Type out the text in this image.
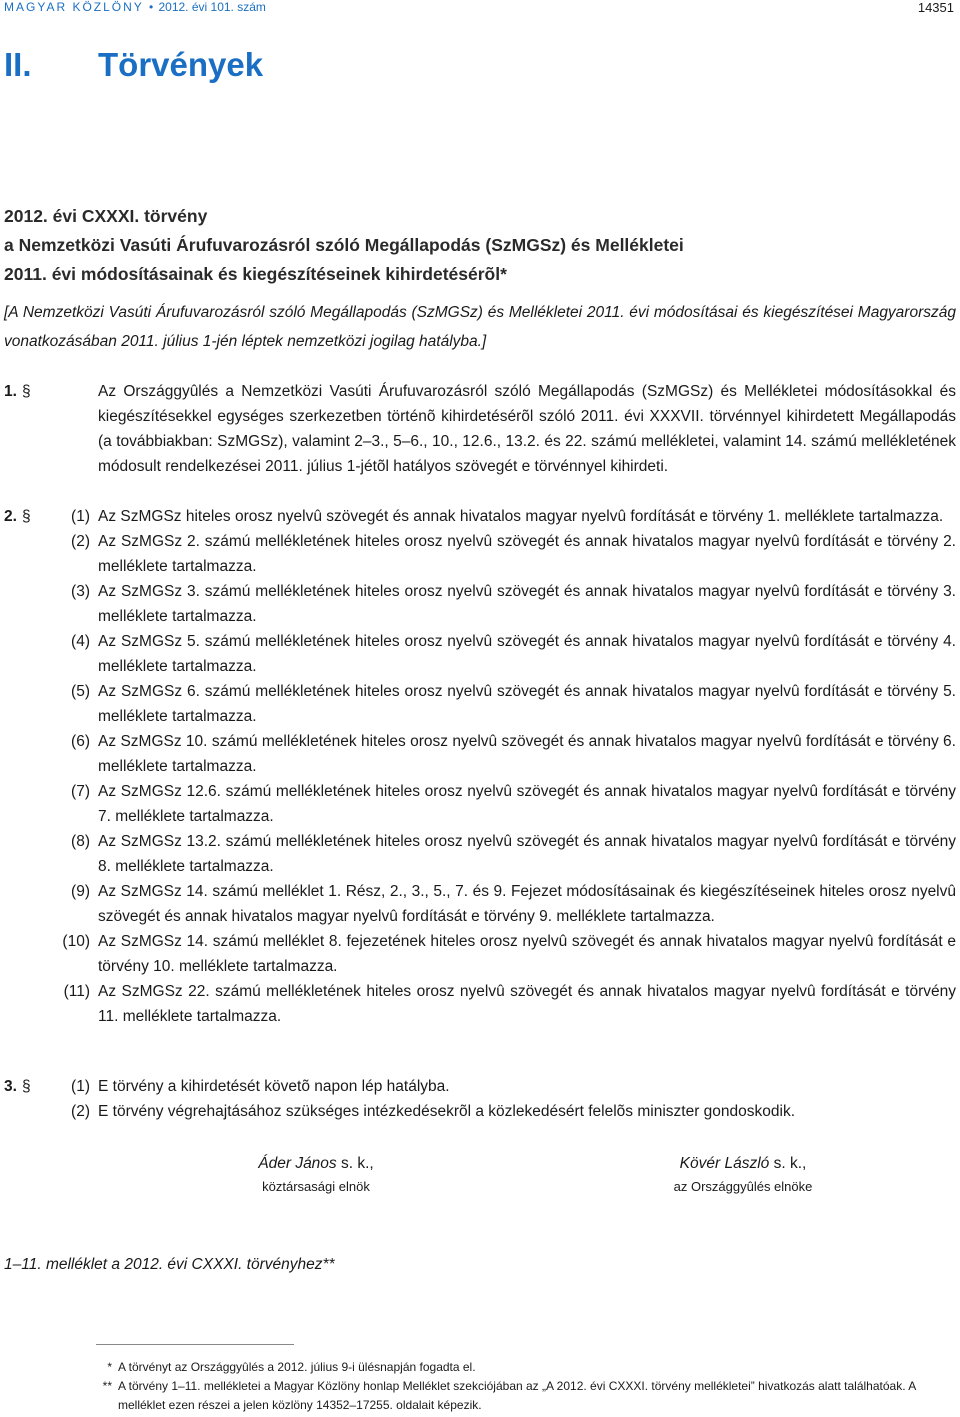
MAGYAR KÖZLÖNY • 2012. évi 101. szám	14351
II. Törvények
2012. évi CXXXI. törvény
a Nemzetközi Vasúti Árufuvarozásról szóló Megállapodás (SzMGSz) és Mellékletei
2011. évi módosításainak és kiegészítéseinek kihirdetésérõl*
[A Nemzetközi Vasúti Árufuvarozásról szóló Megállapodás (SzMGSz) és Mellékletei 2011. évi módosításai és kiegészítései Magyarország vonatkozásában 2011. július 1-jén léptek nemzetközi jogilag hatályba.]
1. §	Az Országgyûlés a Nemzetközi Vasúti Árufuvarozásról szóló Megállapodás (SzMGSz) és Mellékletei módosításokkal és kiegészítésekkel egységes szerkezetben történõ kihirdetésérõl szóló 2011. évi XXXVII. törvénnyel kihirdetett Megállapodás (a továbbiakban: SzMGSz), valamint 2–3., 5–6., 10., 12.6., 13.2. és 22. számú mellékletei, valamint 14. számú mellékletének módosult rendelkezései 2011. július 1-jétõl hatályos szövegét e törvénnyel kihirdeti.
2. §	(1) Az SzMGSz hiteles orosz nyelvû szövegét és annak hivatalos magyar nyelvû fordítását e törvény 1. melléklete tartalmazza.
(2) Az SzMGSz 2. számú mellékletének hiteles orosz nyelvû szövegét és annak hivatalos magyar nyelvû fordítását e törvény 2. melléklete tartalmazza.
(3) Az SzMGSz 3. számú mellékletének hiteles orosz nyelvû szövegét és annak hivatalos magyar nyelvû fordítását e törvény 3. melléklete tartalmazza.
(4) Az SzMGSz 5. számú mellékletének hiteles orosz nyelvû szövegét és annak hivatalos magyar nyelvû fordítását e törvény 4. melléklete tartalmazza.
(5) Az SzMGSz 6. számú mellékletének hiteles orosz nyelvû szövegét és annak hivatalos magyar nyelvû fordítását e törvény 5. melléklete tartalmazza.
(6) Az SzMGSz 10. számú mellékletének hiteles orosz nyelvû szövegét és annak hivatalos magyar nyelvû fordítását e törvény 6. melléklete tartalmazza.
(7) Az SzMGSz 12.6. számú mellékletének hiteles orosz nyelvû szövegét és annak hivatalos magyar nyelvû fordítását e törvény 7. melléklete tartalmazza.
(8) Az SzMGSz 13.2. számú mellékletének hiteles orosz nyelvû szövegét és annak hivatalos magyar nyelvû fordítását e törvény 8. melléklete tartalmazza.
(9) Az SzMGSz 14. számú melléklet 1. Rész, 2., 3., 5., 7. és 9. Fejezet módosításainak és kiegészítéseinek hiteles orosz nyelvû szövegét és annak hivatalos magyar nyelvû fordítását e törvény 9. melléklete tartalmazza.
(10) Az SzMGSz 14. számú melléklet 8. fejezetének hiteles orosz nyelvû szövegét és annak hivatalos magyar nyelvû fordítását e törvény 10. melléklete tartalmazza.
(11) Az SzMGSz 22. számú mellékletének hiteles orosz nyelvû szövegét és annak hivatalos magyar nyelvû fordítását e törvény 11. melléklete tartalmazza.
3. §	(1) E törvény a kihirdetését követõ napon lép hatályba.
(2) E törvény végrehajtásához szükséges intézkedésekrõl a közlekedésért felelõs miniszter gondoskodik.
Áder János s. k.,
köztársasági elnök
Kövér László s. k.,
az Országgyûlés elnöke
1–11. melléklet a 2012. évi CXXXI. törvényhez**
* A törvényt az Országgyûlés a 2012. július 9-i ülésnapján fogadta el.
** A törvény 1–11. mellékletei a Magyar Közlöny honlap Melléklet szekciójában az „A 2012. évi CXXXI. törvény mellékletei” hivatkozás alatt találhatóak. A melléklet ezen részei a jelen közlöny 14352–17255. oldalait képezik.
